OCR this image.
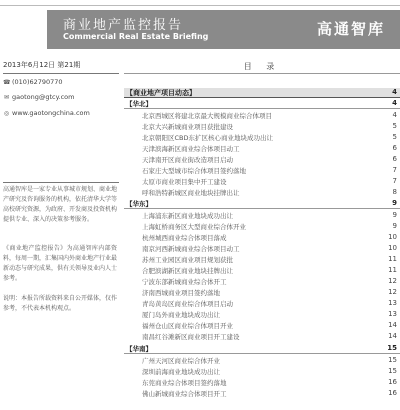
商业地产监控报告
Commercial Real Estate Briefing	高通智库
2013年6月12日 第21期
☎ (010)62790770
✉ gaotong@gtcy.com
◎ www.gaotongchina.com
高通智库是一家专业从事城市规划、商业地产研究及咨询服务的机构，依托清华大学等高校研究资源，为政府、开发商及投资机构提供专业、深入的决策参考服务。
《商业地产监控报告》为高通智库内部资料，每周一期，汇集国内外商业地产行业最新动态与研究成果，供有关领导及业内人士参考。
说明：本报告所载资料来自公开媒体，仅作参考，不代表本机构观点。
目 录
【商业地产项目动态】	4
【华北】	4
北京西城区将建北京最大规模商业综合体项目	4
北京大兴新城商业项目获批建设	5
北京朝阳区CBD东扩区核心商业地块成功出让	5
天津滨海新区商业综合体项目动工	6
天津南开区商业街改造项目启动	6
石家庄大型城市综合体项目签约落地	7
太原市商业项目集中开工建设	7
呼和浩特新城区商业地块挂牌出让	8
【华东】	9
上海浦东新区商业地块成功出让	9
上海虹桥商务区大型商业综合体开业	9
杭州城西商业综合体项目落成	10
南京河西新城商业综合体项目动工	10
苏州工业园区商业项目规划获批	11
合肥滨湖新区商业地块挂牌出让	11
宁波东部新城商业综合体开工	12
济南西城商业项目签约落地	12
青岛黄岛区商业综合体项目启动	13
厦门岛外商业地块成功出让	13
福州仓山区商业综合体项目开业	14
南昌红谷滩新区商业项目开工建设	14
【华南】	15
广州天河区商业综合体开业	15
深圳前海商业地块成功出让	15
东莞商业综合体项目签约落地	16
佛山新城商业综合体项目开工	16
